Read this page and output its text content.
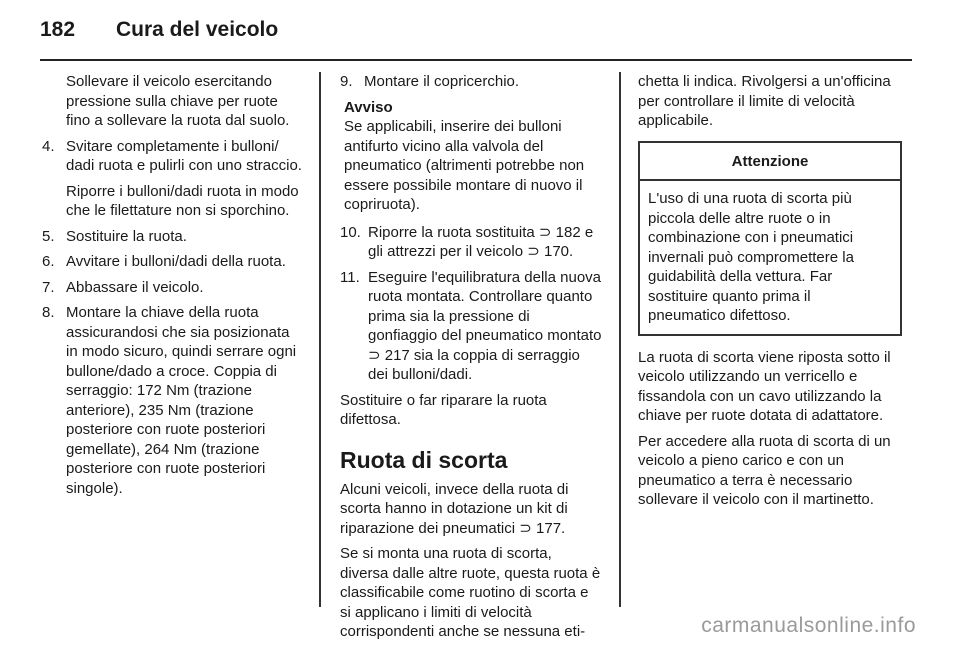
182 Cura del veicolo

Sollevare il veicolo esercitando pressione sulla chiave per ruote fino a sollevare la ruota dal suolo.

4. Svitare completamente i bulloni/ dadi ruota e pulirli con uno straccio.
Riporre i bulloni/dadi ruota in modo che le filettature non si sporchino.
5. Sostituire la ruota.
6. Avvitare i bulloni/dadi della ruota.
7. Abbassare il veicolo.
8. Montare la chiave della ruota assicurandosi che sia posizionata in modo sicuro, quindi serrare ogni bullone/dado a croce. Coppia di serraggio: 172 Nm (trazione anteriore), 235 Nm (trazione posteriore con ruote posteriori gemellate), 264 Nm (trazione posteriore con ruote posteriori singole).
9. Montare il copricerchio.
Avviso
Se applicabili, inserire dei bulloni antifurto vicino alla valvola del pneumatico (altrimenti potrebbe non essere possibile montare di nuovo il copriruota).
10. Riporre la ruota sostituita ⊃ 182 e gli attrezzi per il veicolo ⊃ 170.
11. Eseguire l'equilibratura della nuova ruota montata. Controllare quanto prima sia la pressione di gonfiaggio del pneumatico montato ⊃ 217 sia la coppia di serraggio dei bulloni/dadi.

Sostituire o far riparare la ruota difettosa.

Ruota di scorta

Alcuni veicoli, invece della ruota di scorta hanno in dotazione un kit di riparazione dei pneumatici ⊃ 177.

Se si monta una ruota di scorta, diversa dalle altre ruote, questa ruota è classificabile come ruotino di scorta e si applicano i limiti di velocità corrispondenti anche se nessuna eti-

chetta li indica. Rivolgersi a un'officina per controllare il limite di velocità applicabile.

Attenzione
L'uso di una ruota di scorta più piccola delle altre ruote o in combinazione con i pneumatici invernali può compromettere la guidabilità della vettura. Far sostituire quanto prima il pneumatico difettoso.

La ruota di scorta viene riposta sotto il veicolo utilizzando un verricello e fissandola con un cavo utilizzando la chiave per ruote dotata di adattatore.

Per accedere alla ruota di scorta di un veicolo a pieno carico e con un pneumatico a terra è necessario sollevare il veicolo con il martinetto.

carmanualsonline.info
